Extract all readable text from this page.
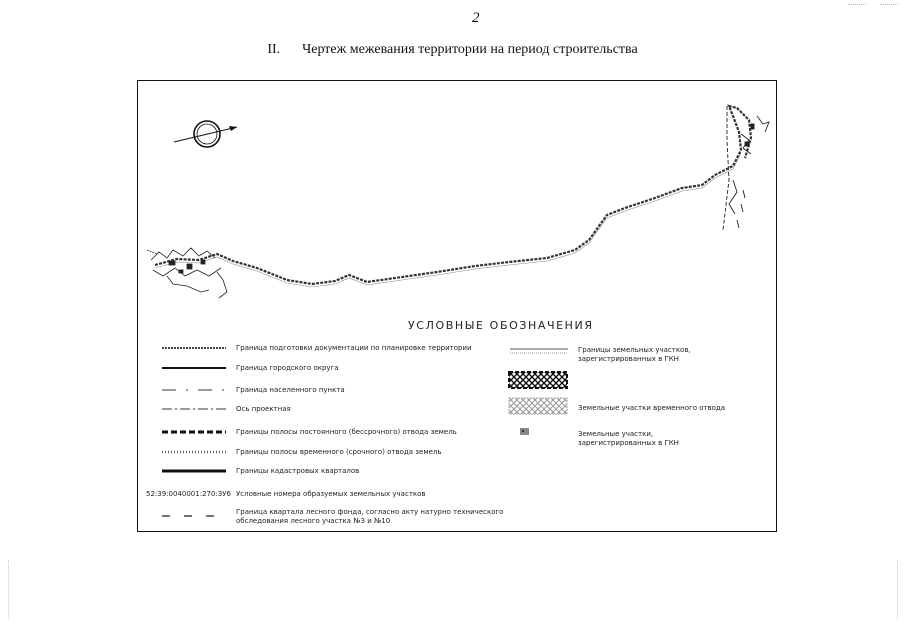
2
II. Чертеж межевания территории на период строительства
УСЛОВНЫЕ ОБОЗНАЧЕНИЯ
Граница подготовки документации по планировке территории
Граница городского округа
Граница населенного пункта
Ось проектная
Границы полосы постоянного (бессрочного) отвода земель
Границы полосы временного (срочного) отвода земель
Границы кадастровых кварталов
52:39:0040001:270:ЗУ6 Условные номера образуемых земельных участков
Граница квартала лесного фонда, согласно акту натурно технического обследования лесного участка №3 и №10
Границы земельных участков, зарегистрированных в ГКН
Земельные участки временного отвода
Земельные участки, зарегистрированных в ГКН
